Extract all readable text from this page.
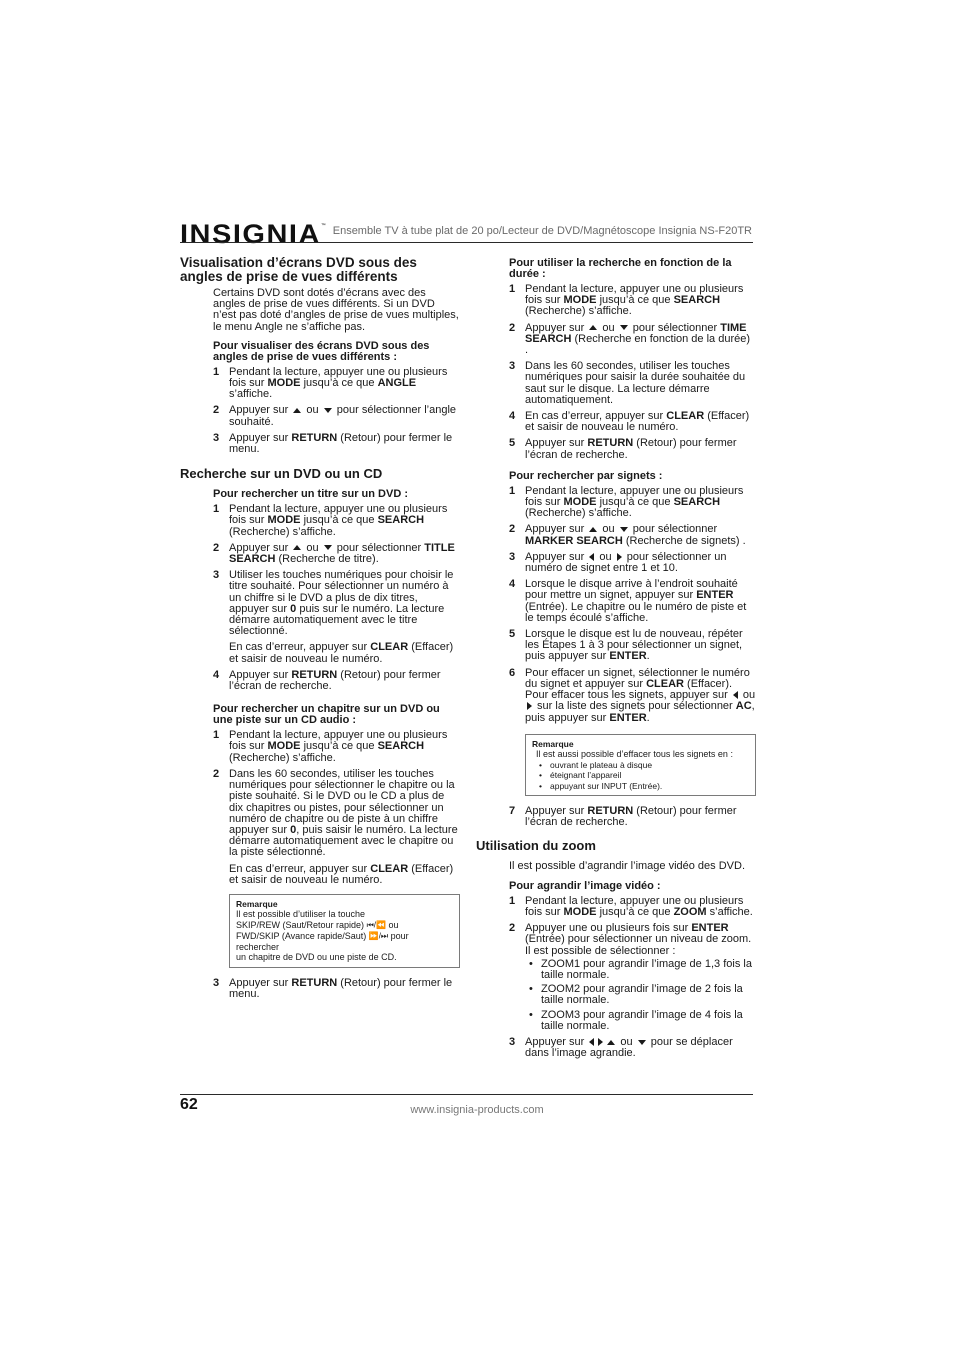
INSIGNIA™ Ensemble TV à tube plat de 20 po/Lecteur de DVD/Magnétoscope Insignia NS-F20TR
Visualisation d’écrans DVD sous des angles de prise de vues différents
Certains DVD sont dotés d’écrans avec des angles de prise de vues différents. Si un DVD n’est pas doté d’angles de prise de vues multiples, le menu Angle ne s’affiche pas.
Pour visualiser des écrans DVD sous des angles de prise de vues différents :
1 Pendant la lecture, appuyer une ou plusieurs fois sur MODE jusqu’à ce que ANGLE s’affiche.
2 Appuyer sur  ou  pour sélectionner l’angle souhaité.
3 Appuyer sur RETURN (Retour) pour fermer le menu.
Recherche sur un DVD ou un CD
Pour rechercher un titre sur un DVD :
1 Pendant la lecture, appuyer une ou plusieurs fois sur MODE jusqu’à ce que SEARCH (Recherche) s’affiche.
2 Appuyer sur  ou  pour sélectionner TITLE SEARCH (Recherche de titre).
3 Utiliser les touches numériques pour choisir le titre souhaité. Pour sélectionner un numéro à un chiffre si le DVD a plus de dix titres, appuyer sur 0 puis sur le numéro. La lecture démarre automatiquement avec le titre sélectionné.
En cas d’erreur, appuyer sur CLEAR (Effacer) et saisir de nouveau le numéro.
4 Appuyer sur RETURN (Retour) pour fermer l’écran de recherche.
Pour rechercher un chapitre sur un DVD ou une piste sur un CD audio :
1 Pendant la lecture, appuyer une ou plusieurs fois sur MODE jusqu’à ce que SEARCH (Recherche) s’affiche.
2 Dans les 60 secondes, utiliser les touches numériques pour sélectionner le chapitre ou la piste souhaité. Si le DVD ou le CD a plus de dix chapitres ou pistes, pour sélectionner un numéro de chapitre ou de piste à un chiffre appuyer sur 0, puis saisir le numéro. La lecture démarre automatiquement avec le chapitre ou la piste sélectionné.
En cas d’erreur, appuyer sur CLEAR (Effacer) et saisir de nouveau le numéro.
Remarque
Il est possible d’utiliser la touche
SKIP/REW (Saut/Retour rapide) ⏮/⏪ ou
FWD/SKIP (Avance rapide/Saut) ⏩/⏭ pour rechercher
un chapitre de DVD ou une piste de CD.
3 Appuyer sur RETURN (Retour) pour fermer le menu.
Pour utiliser la recherche en fonction de la durée :
1 Pendant la lecture, appuyer une ou plusieurs fois sur MODE jusqu’à ce que SEARCH (Recherche) s’affiche.
2 Appuyer sur  ou  pour sélectionner TIME SEARCH (Recherche en fonction de la durée) .
3 Dans les 60 secondes, utiliser les touches numériques pour saisir la durée souhaitée du saut sur le disque. La lecture démarre automatiquement.
4 En cas d’erreur, appuyer sur CLEAR (Effacer) et saisir de nouveau le numéro.
5 Appuyer sur RETURN (Retour) pour fermer l’écran de recherche.
Pour rechercher par signets :
1 Pendant la lecture, appuyer une ou plusieurs fois sur MODE jusqu’à ce que SEARCH (Recherche) s’affiche.
2 Appuyer sur  ou  pour sélectionner MARKER SEARCH (Recherche de signets) .
3 Appuyer sur  ou  pour sélectionner un numéro de signet entre 1 et 10.
4 Lorsque le disque arrive à l’endroit souhaité pour mettre un signet, appuyer sur ENTER (Entrée). Le chapitre ou le numéro de piste et le temps écoulé s’affiche.
5 Lorsque le disque est lu de nouveau, répéter les Étapes 1 à 3 pour sélectionner un signet, puis appuyer sur ENTER.
6 Pour effacer un signet, sélectionner le numéro du signet et appuyer sur CLEAR (Effacer). Pour effacer tous les signets, appuyer sur  ou  sur la liste des signets pour sélectionner AC, puis appuyer sur ENTER.
Remarque
Il est aussi possible d’effacer tous les signets en :
• ouvrant le plateau à disque
• éteignant l’appareil
• appuyant sur INPUT (Entrée).
7 Appuyer sur RETURN (Retour) pour fermer l’écran de recherche.
Utilisation du zoom
Il est possible d’agrandir l’image vidéo des DVD.
Pour agrandir l’image vidéo :
1 Pendant la lecture, appuyer une ou plusieurs fois sur MODE jusqu’à ce que ZOOM s’affiche.
2 Appuyer une ou plusieurs fois sur ENTER (Entrée) pour sélectionner un niveau de zoom. Il est possible de sélectionner :
• ZOOM1 pour agrandir l’image de 1,3 fois la taille normale.
• ZOOM2 pour agrandir l’image de 2 fois la taille normale.
• ZOOM3 pour agrandir l’image de 4 fois la taille normale.
3 Appuyer sur	ou  pour se déplacer dans l’image agrandie.
62	www.insignia-products.com
